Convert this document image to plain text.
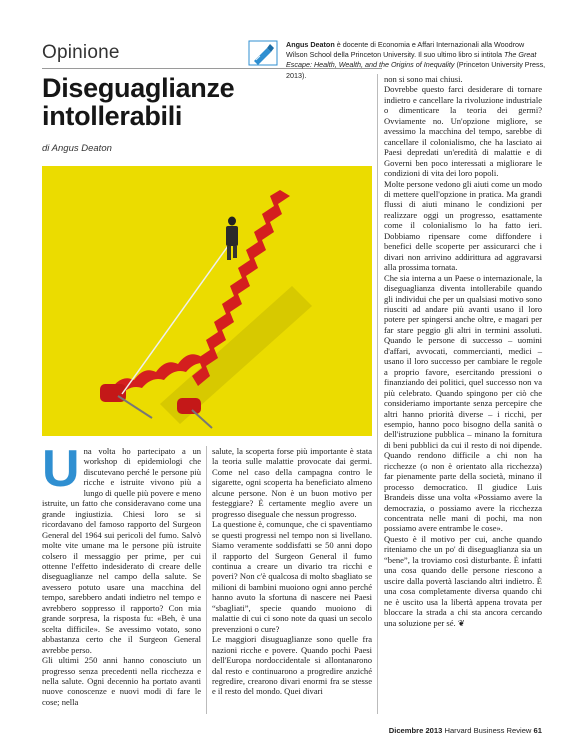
Opinione	Angus Deaton è docente di Economia e Affari Internazionali alla Woodrow Wilson School della Princeton University. Il suo ultimo libro si intitola The Great Escape: Health, Wealth, and the Origins of Inequality (Princeton University Press, 2013).
Diseguaglianze intollerabili
di Angus Deaton
U na volta ho partecipato a un workshop di epidemiologi che discutevano perché le persone più ricche e istruite vivono più a lungo di quelle più povere e meno istruite, un fatto che consideravano come una grande ingiustizia. Chiesi loro se si ricordavano del famoso rapporto del Surgeon General del 1964 sui pericoli del fumo. Salvò molte vite umane ma le persone più istruite colsero il messaggio per prime, per cui ottenne l'effetto indesiderato di creare delle diseguaglianze nel campo della salute. Se avessero potuto usare una macchina del tempo, sarebbero andati indietro nel tempo e avrebbero soppresso il rapporto? Con mia grande sorpresa, la risposta fu: «Beh, è una scelta difficile». Se avessimo votato, sono abbastanza certo che il Surgeon General avrebbe perso.

Gli ultimi 250 anni hanno conosciuto un progresso senza precedenti nella ricchezza e nella salute. Ogni decennio ha portato avanti nuove conoscenze e nuovi modi di fare le cose; nella

salute, la scoperta forse più importante è stata la teoria sulle malattie provocate dai germi. Come nel caso della campagna contro le sigarette, ogni scoperta ha beneficiato almeno alcune persone. Non è un buon motivo per festeggiare? È certamente meglio avere un progresso diseguale che nessun progresso.

La questione è, comunque, che ci spaventiamo se questi progressi nel tempo non si livellano. Siamo veramente soddisfatti se 50 anni dopo il rapporto del Surgeon General il fumo continua a creare un divario tra ricchi e poveri? Non c'è qualcosa di molto sbagliato se milioni di bambini muoiono ogni anno perché hanno avuto la sfortuna di nascere nei Paesi “sbagliati”, specie quando muoiono di malattie di cui ci sono note da quasi un secolo prevenzioni o cure?

Le maggiori disuguaglianze sono quelle fra nazioni ricche e povere. Quando pochi Paesi dell'Europa nordoccidentale si allontanarono dal resto e continuarono a progredire anziché regredire, crearono divari enormi fra se stesse e il resto del mondo. Quei divari

non si sono mai chiusi.

Dovrebbe questo farci desiderare di tornare indietro e cancellare la rivoluzione industriale o dimenticare la teoria dei germi? Ovviamente no. Un'opzione migliore, se avessimo la macchina del tempo, sarebbe di cancellare il colonialismo, che ha lasciato ai Paesi depredati un'eredità di malattie e di Governi ben poco interessati a migliorare le condizioni di vita dei loro popoli.

Molte persone vedono gli aiuti come un modo di mettere quell'opzione in pratica. Ma grandi flussi di aiuti minano le condizioni per realizzare oggi un progresso, esattamente come il colonialismo lo ha fatto ieri. Dobbiamo ripensare come diffondere i benefici delle scoperte per assicurarci che i divari non arrivino addirittura ad aggravarsi alla prossima tornata.

Che sia interna a un Paese o internazionale, la diseguaglianza diventa intollerabile quando gli individui che per un qualsiasi motivo sono riusciti ad andare più avanti usano il loro potere per spingersi anche oltre, e magari per far stare peggio gli altri in termini assoluti. Quando le persone di successo – uomini d'affari, avvocati, commercianti, medici – usano il loro successo per cambiare le regole a proprio favore, esercitando pressioni o finanziando dei politici, quel successo non va più celebrato. Quando spingono per ciò che consideriamo importante senza percepire che altri hanno priorità diverse – i ricchi, per esempio, hanno poco bisogno della sanità o dell'istruzione pubblica – minano la fornitura di beni pubblici da cui il resto di noi dipende. Quando rendono difficile a chi non ha ricchezze (o non è orientato alla ricchezza) far pienamente parte della società, minano il processo democratico. Il giudice Luis Brandeis disse una volta «Possiamo avere la democrazia, o possiamo avere la ricchezza concentrata nelle mani di pochi, ma non possiamo avere entrambe le cose».

Questo è il motivo per cui, anche quando riteniamo che un po' di diseguaglianza sia un “bene”, la troviamo così disturbante. È infatti una cosa quando delle persone riescono a uscire dalla povertà lasciando altri indietro. È una cosa completamente diversa quando chi ne è uscito usa la libertà appena trovata per bloccare la strada a chi sta ancora cercando una soluzione per sé. ❦

Dicembre 2013 Harvard Business Review 61
